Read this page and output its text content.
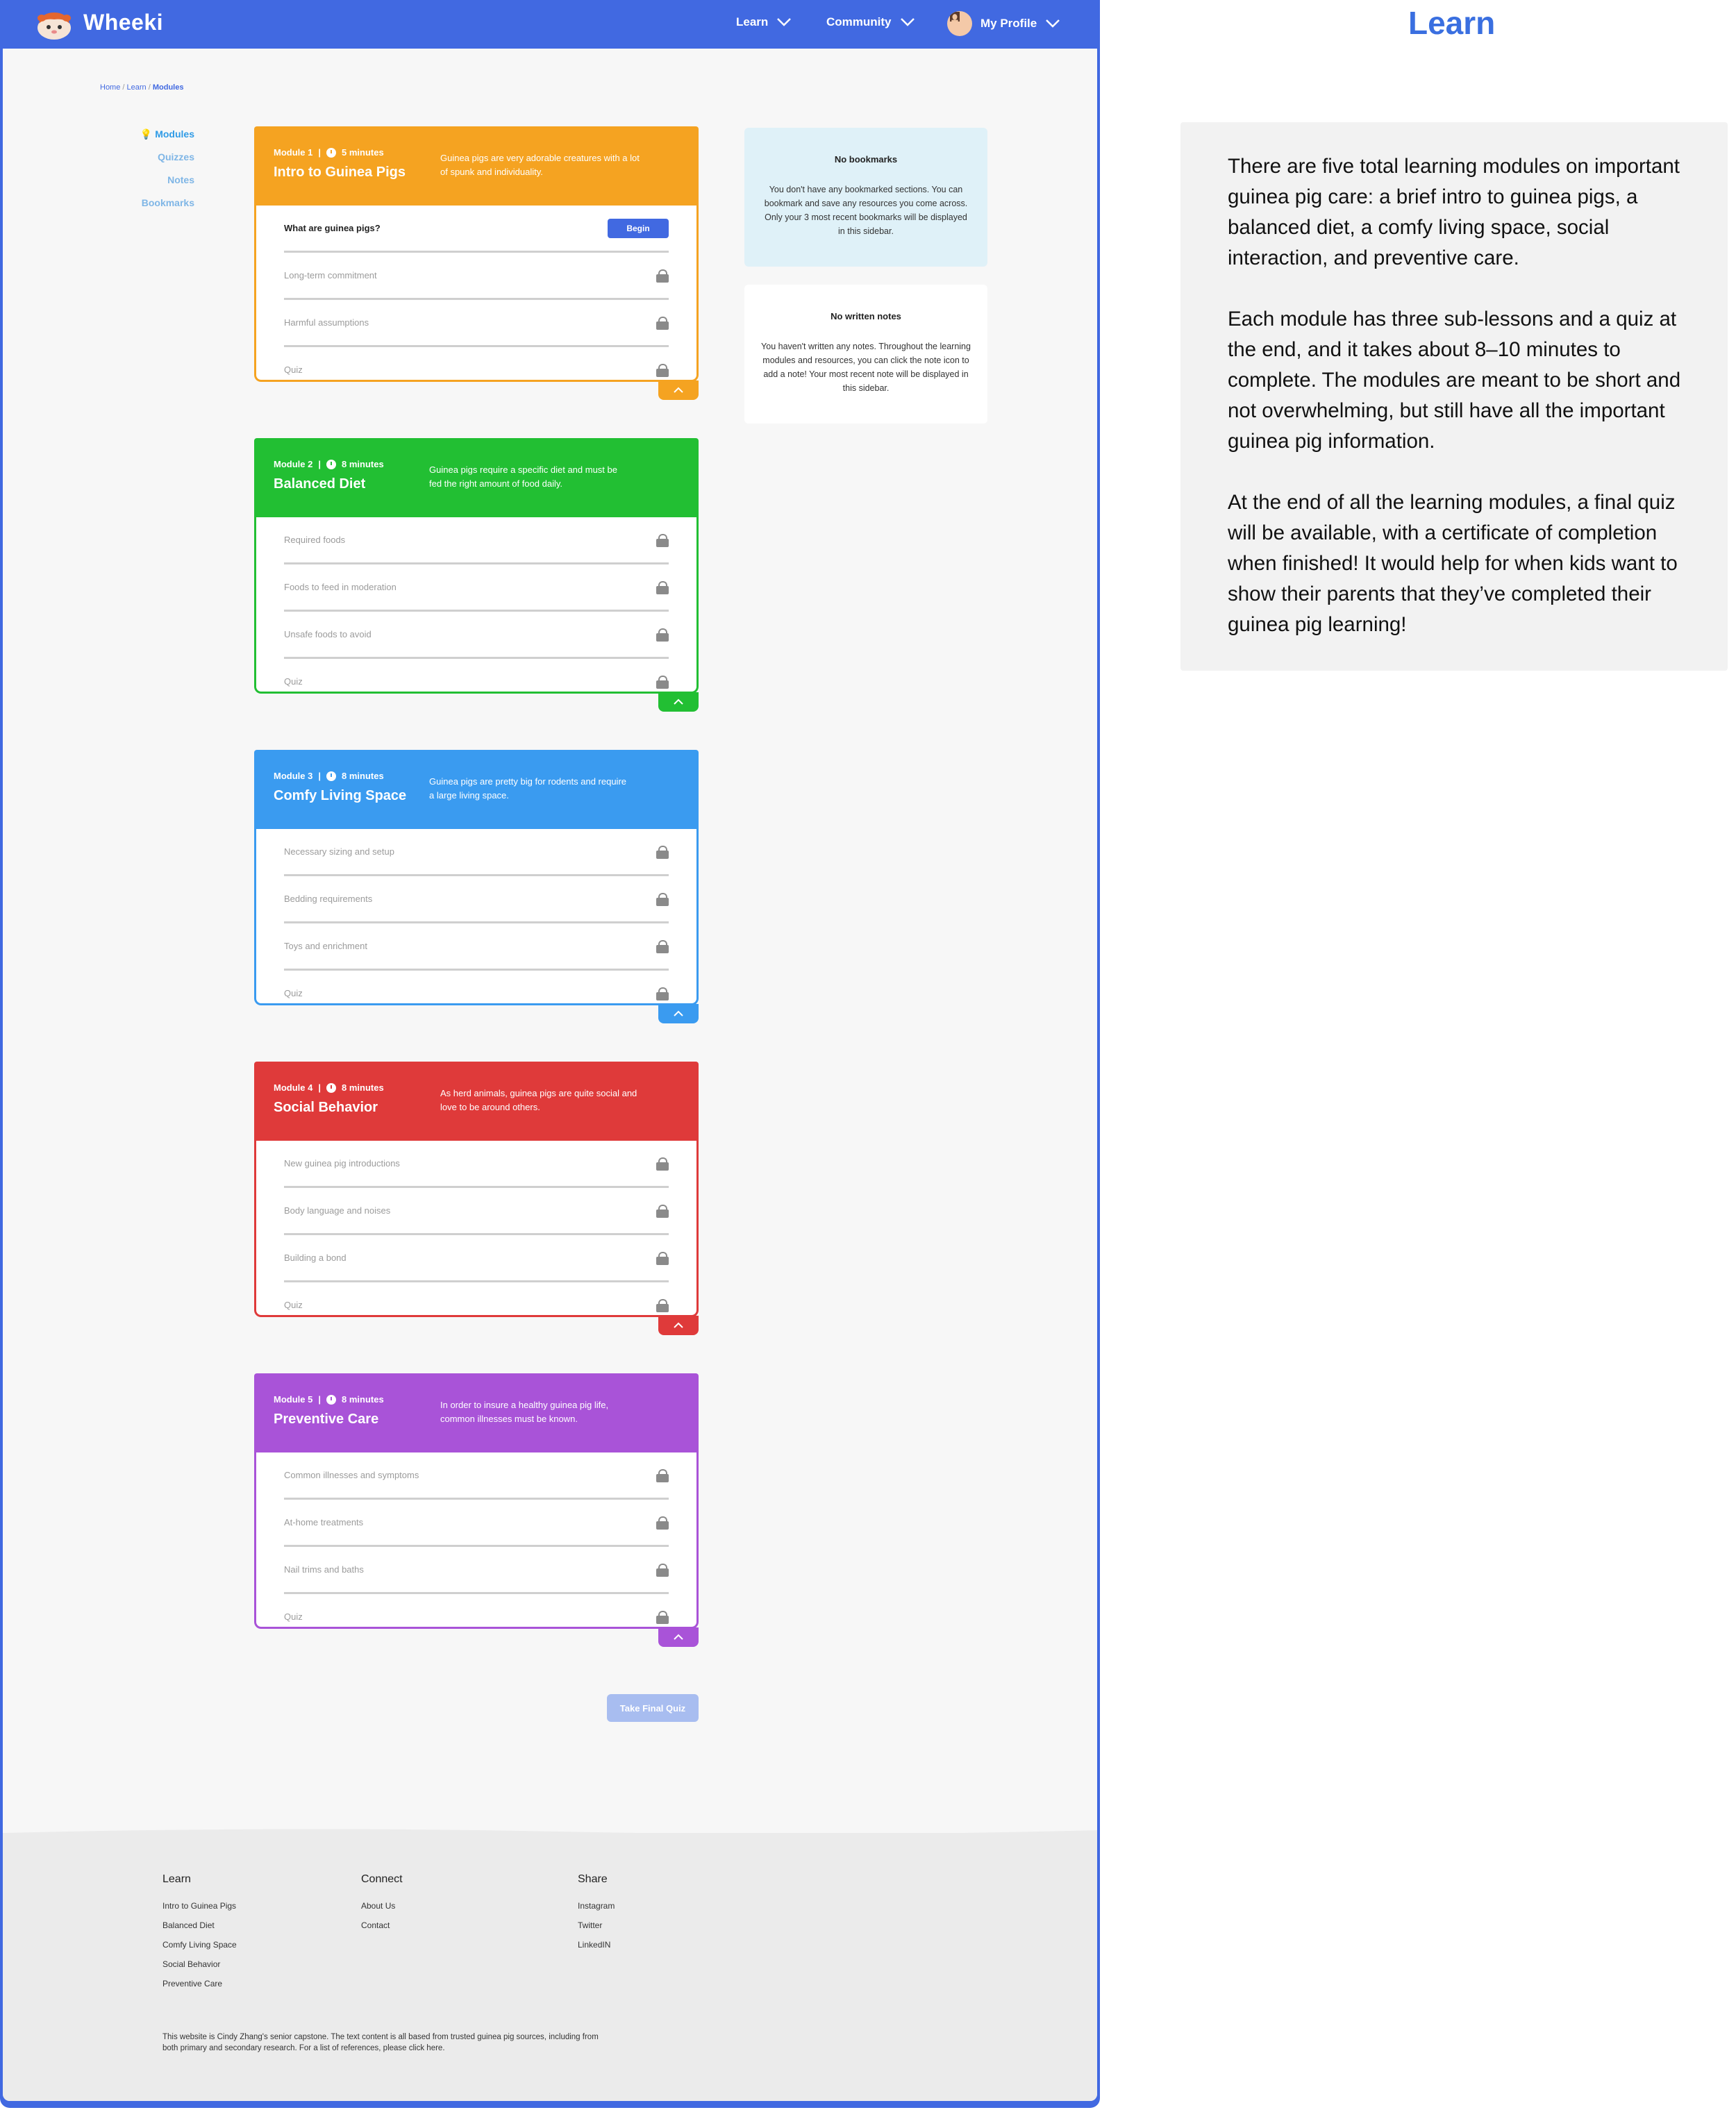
Wheeki	Learn	Community	My Profile
Home / Learn / Modules
💡 Modules
Quizzes
Notes
Bookmarks
Module 1 | 5 minutes
Intro to Guinea Pigs
Guinea pigs are very adorable creatures with a lot of spunk and individuality.
What are guinea pigs?	Begin
Long-term commitment
Harmful assumptions
Quiz
Module 2 | 8 minutes
Balanced Diet
Guinea pigs require a specific diet and must be fed the right amount of food daily.
Required foods
Foods to feed in moderation
Unsafe foods to avoid
Quiz
Module 3 | 8 minutes
Comfy Living Space
Guinea pigs are pretty big for rodents and require a large living space.
Necessary sizing and setup
Bedding requirements
Toys and enrichment
Quiz
Module 4 | 8 minutes
Social Behavior
As herd animals, guinea pigs are quite social and love to be around others.
New guinea pig introductions
Body language and noises
Building a bond
Quiz
Module 5 | 8 minutes
Preventive Care
In order to insure a healthy guinea pig life, common illnesses must be known.
Common illnesses and symptoms
At-home treatments
Nail trims and baths
Quiz
Take Final Quiz
No bookmarks

You don't have any bookmarked sections. You can bookmark and save any resources you come across. Only your 3 most recent bookmarks will be displayed in this sidebar.

No written notes

You haven't written any notes. Throughout the learning modules and resources, you can click the note icon to add a note! Your most recent note will be displayed in this sidebar.

Learn
Intro to Guinea Pigs
Balanced Diet
Comfy Living Space
Social Behavior
Preventive Care
Connect
About Us
Contact
Share
Instagram
Twitter
LinkedIN
This website is Cindy Zhang's senior capstone. The text content is all based from trusted guinea pig sources, including from both primary and secondary research. For a list of references, please click here.
Learn

There are five total learning modules on important guinea pig care: a brief intro to guinea pigs, a balanced diet, a comfy living space, social interaction, and preventive care.

Each module has three sub-lessons and a quiz at the end, and it takes about 8–10 minutes to complete. The modules are meant to be short and not overwhelming, but still have all the important guinea pig information.

At the end of all the learning modules, a final quiz will be available, with a certificate of completion when finished! It would help for when kids want to show their parents that they’ve completed their guinea pig learning!
